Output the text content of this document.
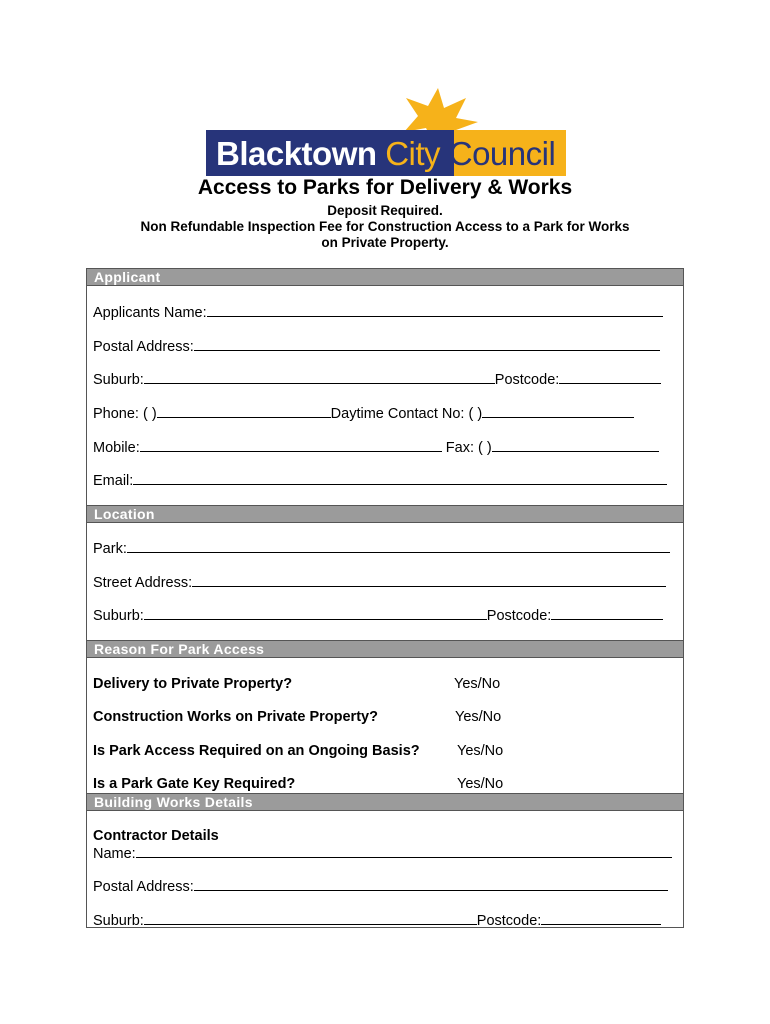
Blacktown City Council
Access to Parks for Delivery & Works
Deposit Required.
Non Refundable Inspection Fee for Construction Access to a Park for Works
on Private Property.
Applicant
Applicants Name:
Postal Address:
Suburb:	Postcode:
Phone: ( )	Daytime Contact No: ( )
Mobile:	Fax: ( )
Email:
Location
Park:
Street Address:
Suburb:	Postcode:
Reason For Park Access
Delivery to Private Property?	Yes/No
Construction Works on Private Property?	Yes/No
Is Park Access Required on an Ongoing Basis?	Yes/No
Is a Park Gate Key Required?	Yes/No
Building Works Details
Contractor Details
Name:
Postal Address:
Suburb:	Postcode:
